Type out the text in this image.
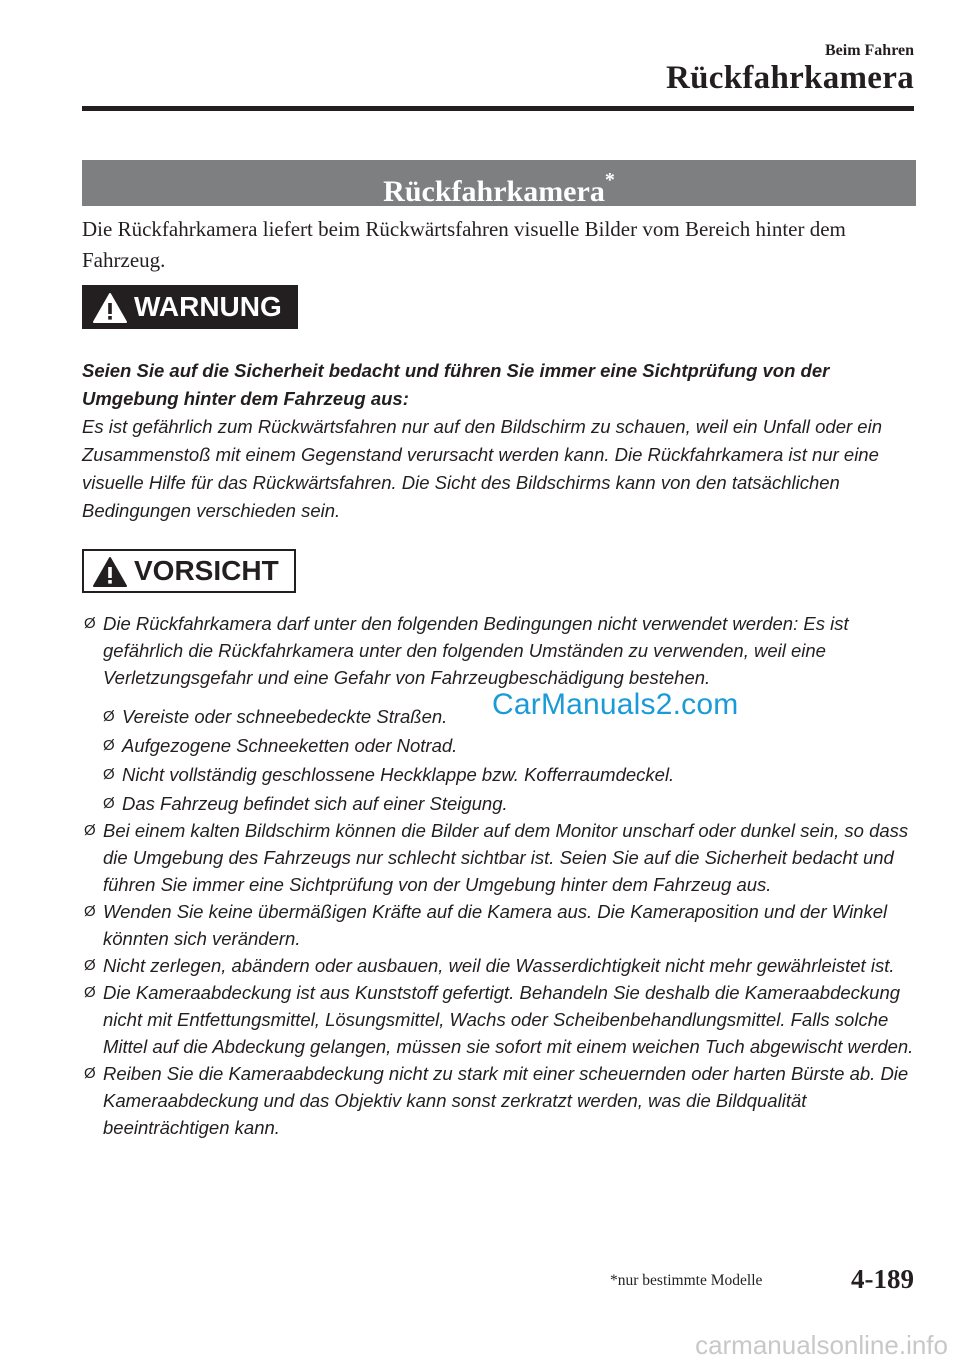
Beim Fahren
Rückfahrkamera
Rückfahrkamera*

Die Rückfahrkamera liefert beim Rückwärtsfahren visuelle Bilder vom Bereich hinter dem Fahrzeug.

WARNUNG
Seien Sie auf die Sicherheit bedacht und führen Sie immer eine Sichtprüfung von der Umgebung hinter dem Fahrzeug aus:
Es ist gefährlich zum Rückwärtsfahren nur auf den Bildschirm zu schauen, weil ein Unfall oder ein Zusammenstoß mit einem Gegenstand verursacht werden kann. Die Rückfahrkamera ist nur eine visuelle Hilfe für das Rückwärtsfahren. Die Sicht des Bildschirms kann von den tatsächlichen Bedingungen verschieden sein.
VORSICHT
Ø Die Rückfahrkamera darf unter den folgenden Bedingungen nicht verwendet werden: Es ist gefährlich die Rückfahrkamera unter den folgenden Umständen zu verwenden, weil eine Verletzungsgefahr und eine Gefahr von Fahrzeugbeschädigung bestehen.
Ø Vereiste oder schneebedeckte Straßen.
Ø Aufgezogene Schneeketten oder Notrad.
Ø Nicht vollständig geschlossene Heckklappe bzw. Kofferraumdeckel.
Ø Das Fahrzeug befindet sich auf einer Steigung.
Ø Bei einem kalten Bildschirm können die Bilder auf dem Monitor unscharf oder dunkel sein, so dass die Umgebung des Fahrzeugs nur schlecht sichtbar ist. Seien Sie auf die Sicherheit bedacht und führen Sie immer eine Sichtprüfung von der Umgebung hinter dem Fahrzeug aus.
Ø Wenden Sie keine übermäßigen Kräfte auf die Kamera aus. Die Kameraposition und der Winkel könnten sich verändern.
Ø Nicht zerlegen, abändern oder ausbauen, weil die Wasserdichtigkeit nicht mehr gewährleistet ist.
Ø Die Kameraabdeckung ist aus Kunststoff gefertigt. Behandeln Sie deshalb die Kameraabdeckung nicht mit Entfettungsmittel, Lösungsmittel, Wachs oder Scheibenbehandlungsmittel. Falls solche Mittel auf die Abdeckung gelangen, müssen sie sofort mit einem weichen Tuch abgewischt werden.
Ø Reiben Sie die Kameraabdeckung nicht zu stark mit einer scheuernden oder harten Bürste ab. Die Kameraabdeckung und das Objektiv kann sonst zerkratzt werden, was die Bildqualität beeinträchtigen kann.
CarManuals2.com
*nur bestimmte Modelle	4-189
carmanualsonline.info
